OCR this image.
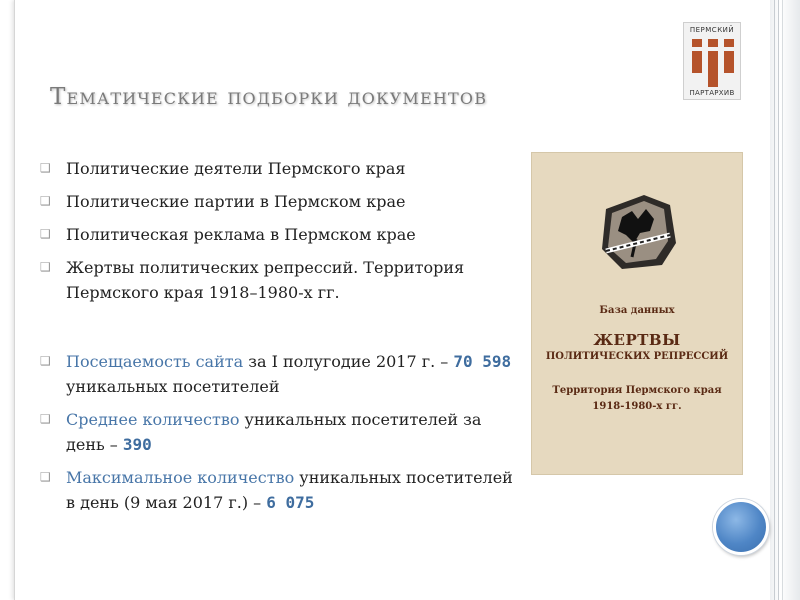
ПЕРМСКИЙ
ПАРТАРХИВ
Тематические подборки документов
❑ Политические деятели Пермского края
❑ Политические партии в Пермском крае
❑ Политическая реклама в Пермском крае
❑ Жертвы политических репрессий. Территория Пермского края 1918–1980-х гг.
❑ Посещаемость сайта за I полугодие 2017 г. – 70 598 уникальных посетителей
❑ Среднее количество уникальных посетителей за день – 390
❑ Максимальное количество уникальных посетителей в день (9 мая 2017 г.) – 6 075
База данных
ЖЕРТВЫ
ПОЛИТИЧЕСКИХ РЕПРЕССИЙ
Территория Пермского края
1918-1980-х гг.
